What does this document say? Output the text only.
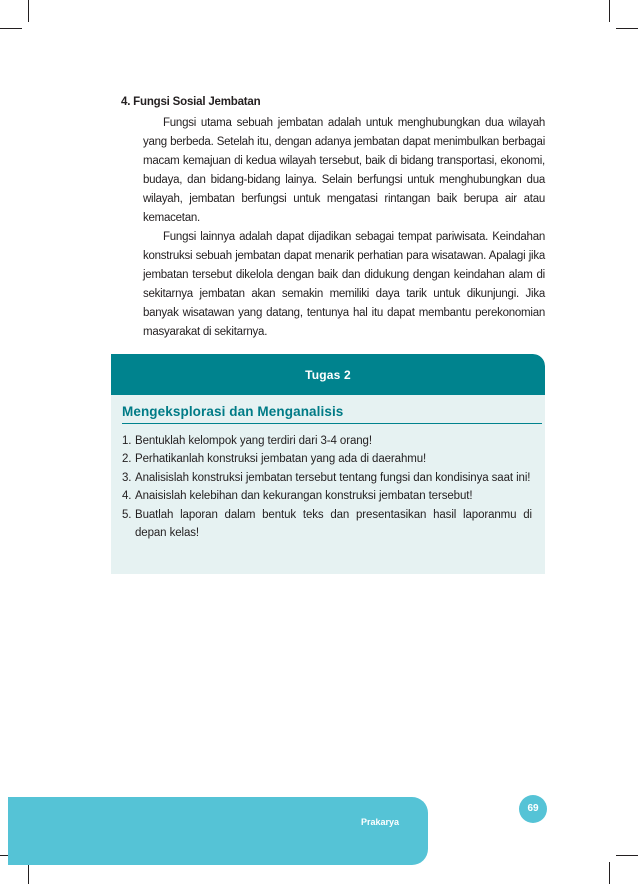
4. Fungsi Sosial Jembatan

Fungsi utama sebuah jembatan adalah untuk menghubungkan dua wilayah yang berbeda. Setelah itu, dengan adanya jembatan dapat menimbulkan berbagai macam kemajuan di kedua wilayah tersebut, baik di bidang transportasi, ekonomi, budaya, dan bidang-bidang lainya. Selain berfungsi untuk menghubungkan dua wilayah, jembatan berfungsi untuk mengatasi rintangan baik berupa air atau kemacetan.

Fungsi lainnya adalah dapat dijadikan sebagai tempat pariwisata. Keindahan konstruksi sebuah jembatan dapat menarik perhatian para wisatawan. Apalagi jika jembatan tersebut dikelola dengan baik dan didukung dengan keindahan alam di sekitarnya jembatan akan semakin memiliki daya tarik untuk dikunjungi. Jika banyak wisatawan yang datang, tentunya hal itu dapat membantu perekonomian masyarakat di sekitarnya.

Tugas 2
Mengeksplorasi dan Menganalisis
1. Bentuklah kelompok yang terdiri dari 3-4 orang!
2. Perhatikanlah konstruksi jembatan yang ada di daerahmu!
3. Analisislah konstruksi jembatan tersebut tentang fungsi dan kondisinya saat ini!
4. Anaisislah kelebihan dan kekurangan konstruksi jembatan tersebut!
5. Buatlah laporan dalam bentuk teks dan presentasikan hasil laporanmu di depan kelas!
Prakarya
69
